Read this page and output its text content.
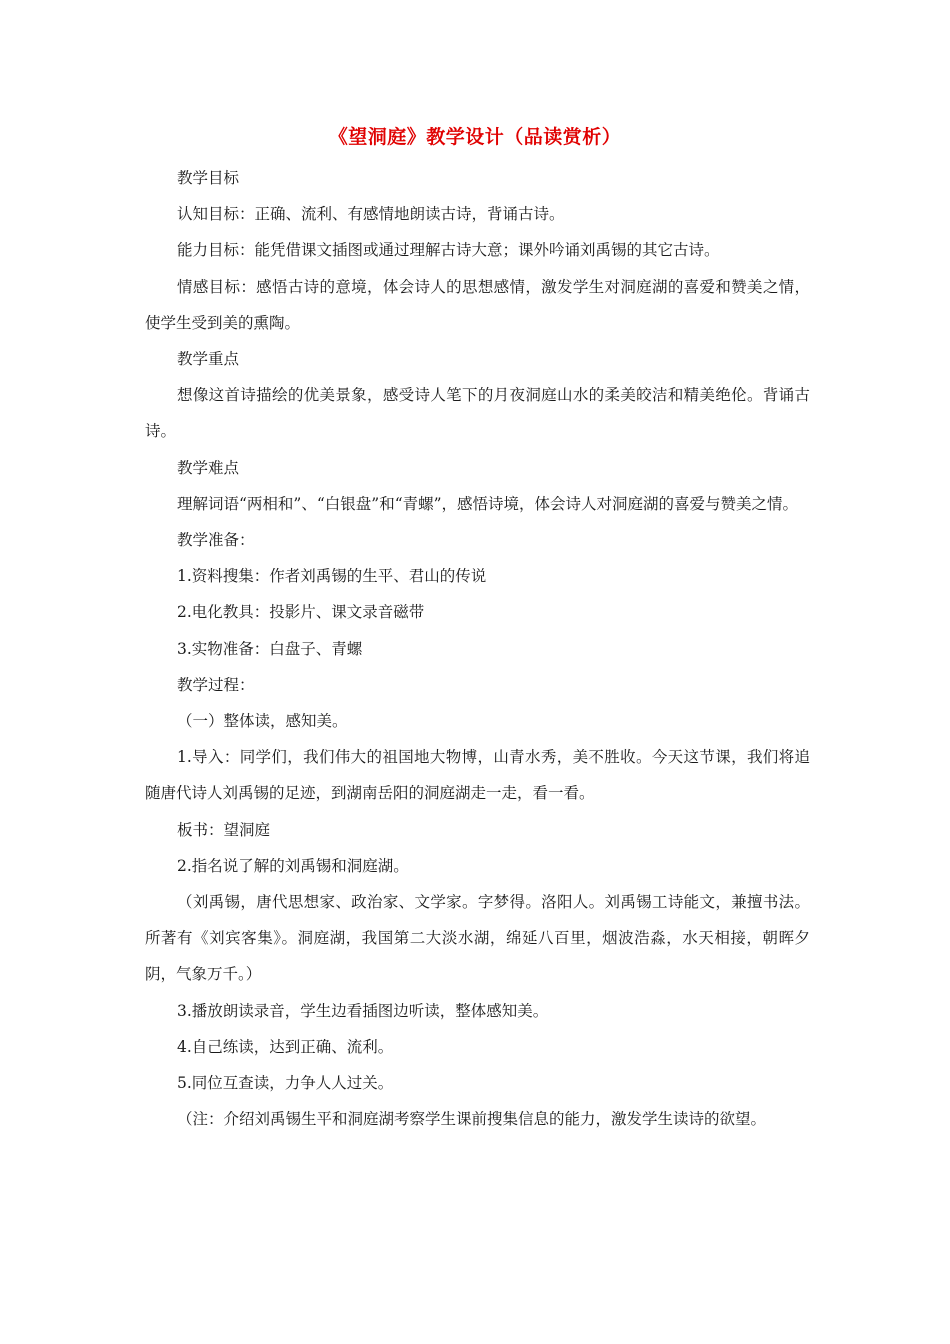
《望洞庭》教学设计（品读赏析）

教学目标

认知目标：正确、流利、有感情地朗读古诗，背诵古诗。

能力目标：能凭借课文插图或通过理解古诗大意；课外吟诵刘禹锡的其它古诗。

情感目标：感悟古诗的意境，体会诗人的思想感情，激发学生对洞庭湖的喜爱和赞美之情，使学生受到美的熏陶。

教学重点

想像这首诗描绘的优美景象，感受诗人笔下的月夜洞庭山水的柔美皎洁和精美绝伦。背诵古诗。

教学难点

理解词语“两相和”、“白银盘”和“青螺”，感悟诗境，体会诗人对洞庭湖的喜爱与赞美之情。

教学准备：

1.资料搜集：作者刘禹锡的生平、君山的传说

2.电化教具：投影片、课文录音磁带

3.实物准备：白盘子、青螺

教学过程：

（一）整体读，感知美。

1.导入：同学们，我们伟大的祖国地大物博，山青水秀，美不胜收。今天这节课，我们将追随唐代诗人刘禹锡的足迹，到湖南岳阳的洞庭湖走一走，看一看。

板书：望洞庭

2.指名说了解的刘禹锡和洞庭湖。

（刘禹锡，唐代思想家、政治家、文学家。字梦得。洛阳人。刘禹锡工诗能文，兼擅书法。所著有《刘宾客集》。洞庭湖，我国第二大淡水湖，绵延八百里，烟波浩淼，水天相接，朝晖夕阴，气象万千。）

3.播放朗读录音，学生边看插图边听读，整体感知美。

4.自己练读，达到正确、流利。

5.同位互查读，力争人人过关。

（注：介绍刘禹锡生平和洞庭湖考察学生课前搜集信息的能力，激发学生读诗的欲望。
